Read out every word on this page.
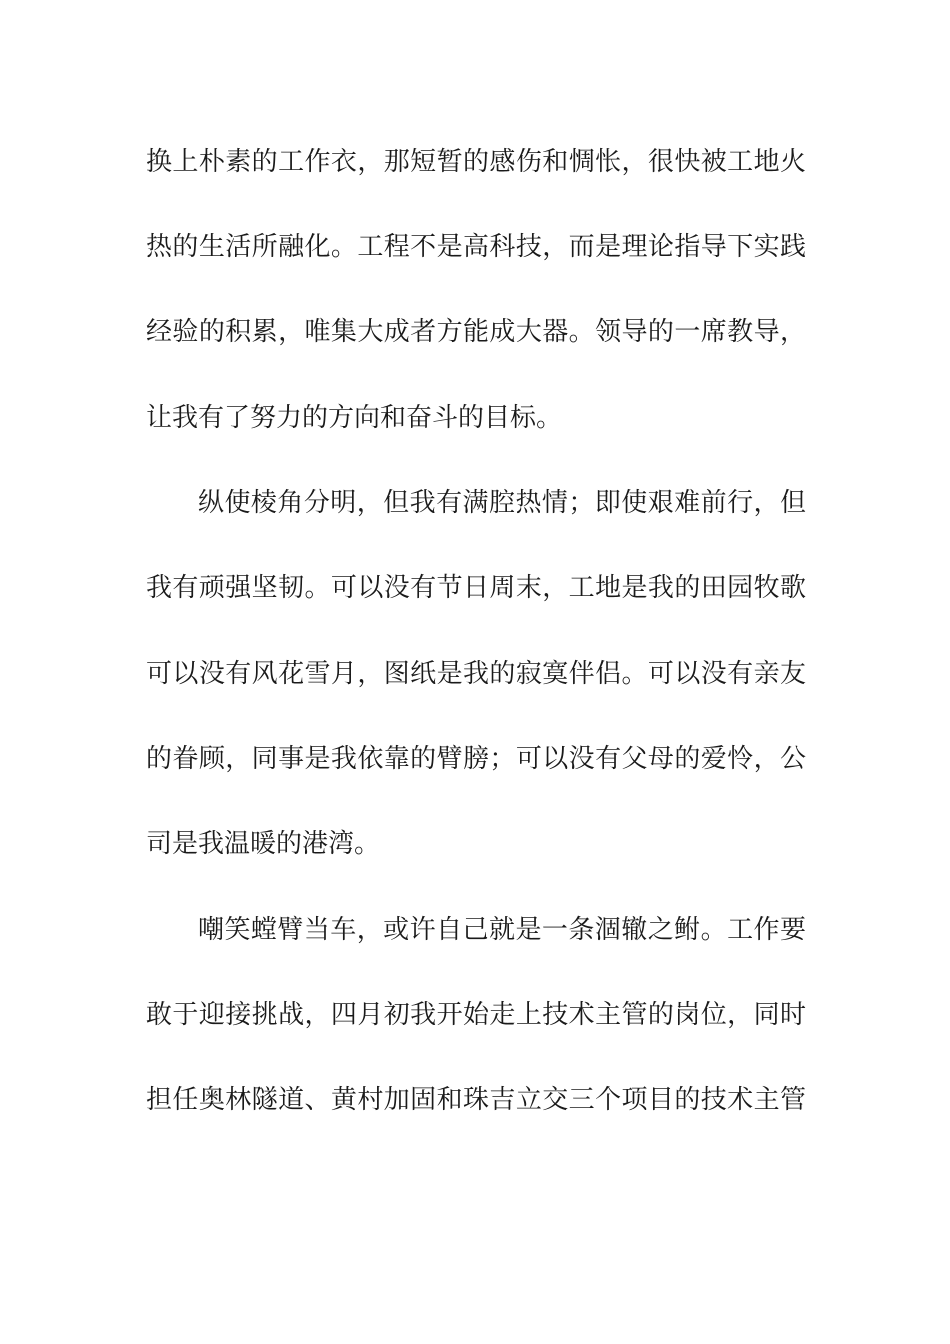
换上朴素的工作衣，那短暂的感伤和惆怅，很快被工地火
热的生活所融化。工程不是高科技，而是理论指导下实践
经验的积累，唯集大成者方能成大器。领导的一席教导，
让我有了努力的方向和奋斗的目标。
纵使棱角分明，但我有满腔热情；即使艰难前行，但
我有顽强坚韧。可以没有节日周末，工地是我的田园牧歌
可以没有风花雪月，图纸是我的寂寞伴侣。可以没有亲友
的眷顾，同事是我依靠的臂膀；可以没有父母的爱怜，公
司是我温暖的港湾。
嘲笑螳臂当车，或许自己就是一条涸辙之鲋。工作要
敢于迎接挑战，四月初我开始走上技术主管的岗位，同时
担任奥林隧道、黄村加固和珠吉立交三个项目的技术主管
